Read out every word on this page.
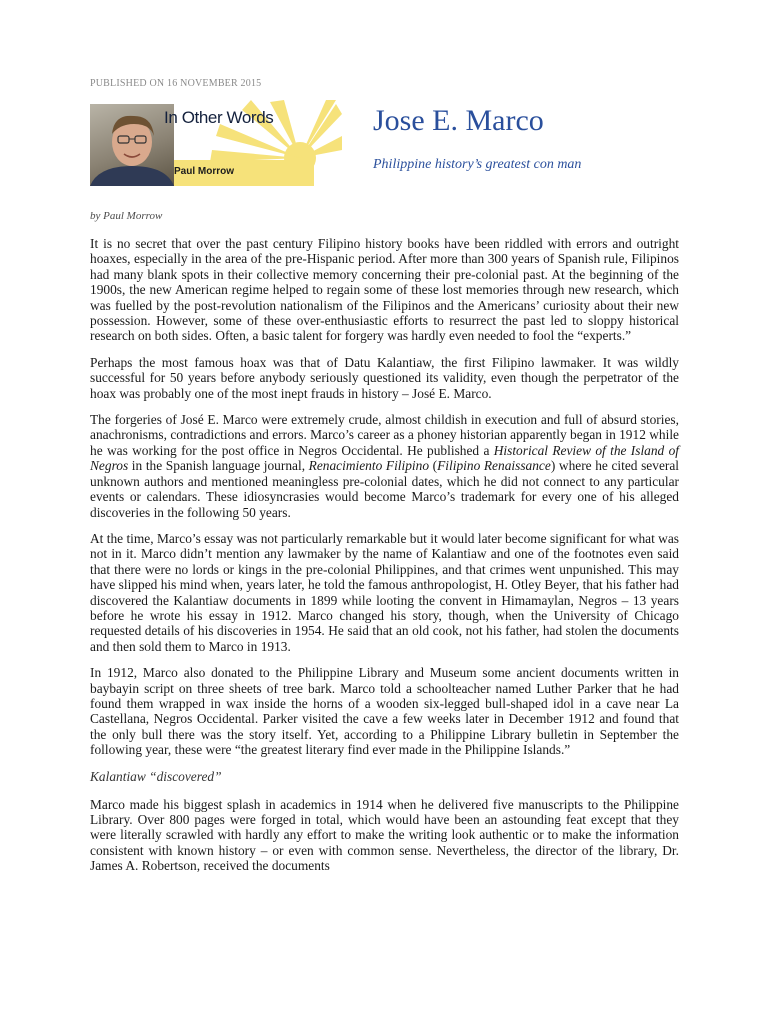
PUBLISHED ON 16 NOVEMBER 2015
In Other Words
Paul Morrow
Jose E. Marco
Philippine history’s greatest con man
by Paul Morrow

It is no secret that over the past century Filipino history books have been riddled with errors and outright hoaxes, especially in the area of the pre-Hispanic period. After more than 300 years of Spanish rule, Filipinos had many blank spots in their collective memory concerning their pre-colonial past. At the beginning of the 1900s, the new American regime helped to regain some of these lost memories through new research, which was fuelled by the post-revolution nationalism of the Filipinos and the Americans’ curiosity about their new possession. However, some of these over-enthusiastic efforts to resurrect the past led to sloppy historical research on both sides. Often, a basic talent for forgery was hardly even needed to fool the “experts.”

Perhaps the most famous hoax was that of Datu Kalantiaw, the first Filipino lawmaker. It was wildly successful for 50 years before anybody seriously questioned its validity, even though the perpetrator of the hoax was probably one of the most inept frauds in history – José E. Marco.

The forgeries of José E. Marco were extremely crude, almost childish in execution and full of absurd stories, anachronisms, contradictions and errors. Marco’s career as a phoney historian apparently began in 1912 while he was working for the post office in Negros Occidental. He published a Historical Review of the Island of Negros in the Spanish language journal, Renacimiento Filipino (Filipino Renaissance) where he cited several unknown authors and mentioned meaningless pre-colonial dates, which he did not connect to any particular events or calendars. These idiosyncrasies would become Marco’s trademark for every one of his alleged discoveries in the following 50 years.

At the time, Marco’s essay was not particularly remarkable but it would later become significant for what was not in it. Marco didn’t mention any lawmaker by the name of Kalantiaw and one of the footnotes even said that there were no lords or kings in the pre-colonial Philippines, and that crimes went unpunished. This may have slipped his mind when, years later, he told the famous anthropologist, H. Otley Beyer, that his father had discovered the Kalantiaw documents in 1899 while looting the convent in Himamaylan, Negros – 13 years before he wrote his essay in 1912. Marco changed his story, though, when the University of Chicago requested details of his discoveries in 1954. He said that an old cook, not his father, had stolen the documents and then sold them to Marco in 1913.

In 1912, Marco also donated to the Philippine Library and Museum some ancient documents written in baybayin script on three sheets of tree bark. Marco told a schoolteacher named Luther Parker that he had found them wrapped in wax inside the horns of a wooden six-legged bull-shaped idol in a cave near La Castellana, Negros Occidental. Parker visited the cave a few weeks later in December 1912 and found that the only bull there was the story itself. Yet, according to a Philippine Library bulletin in September the following year, these were “the greatest literary find ever made in the Philippine Islands.”

Kalantiaw “discovered”

Marco made his biggest splash in academics in 1914 when he delivered five manuscripts to the Philippine Library. Over 800 pages were forged in total, which would have been an astounding feat except that they were literally scrawled with hardly any effort to make the writing look authentic or to make the information consistent with known history – or even with common sense. Nevertheless, the director of the library, Dr. James A. Robertson, received the documents
